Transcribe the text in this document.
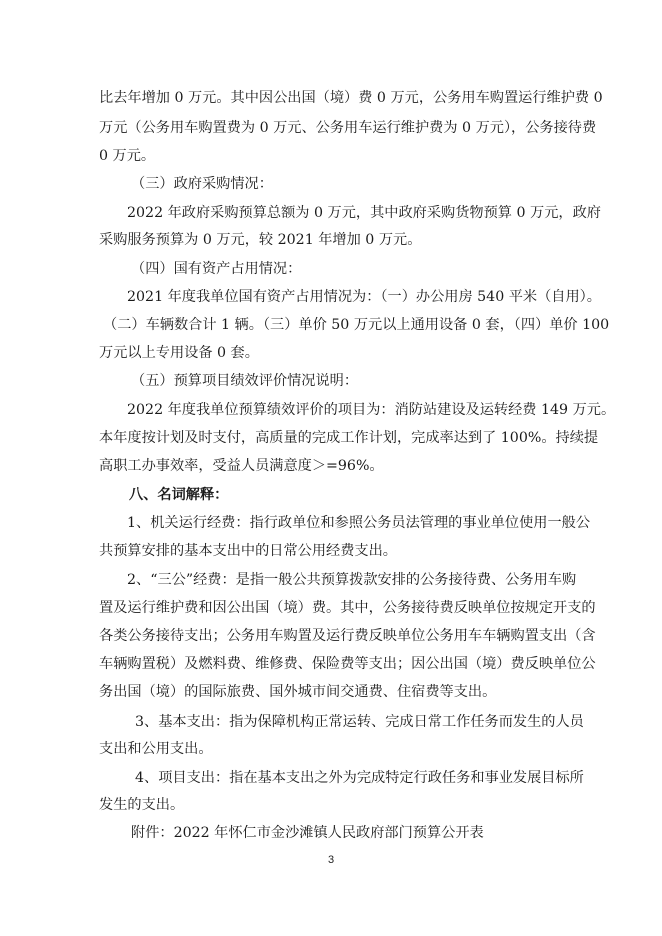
比去年增加 0 万元。其中因公出国（境）费 0 万元，公务用车购置运行维护费 0
万元（公务用车购置费为 0 万元、公务用车运行维护费为 0 万元），公务接待费
0 万元。
（三）政府采购情况：
2022 年政府采购预算总额为 0 万元，其中政府采购货物预算 0 万元，政府
采购服务预算为 0 万元，较 2021 年增加 0 万元。
（四）国有资产占用情况：
2021 年度我单位国有资产占用情况为：（一）办公用房 540 平米（自用）。
（二）车辆数合计 1 辆。（三）单价 50 万元以上通用设备 0 套，（四）单价 100
万元以上专用设备 0 套。
（五）预算项目绩效评价情况说明：
2022 年度我单位预算绩效评价的项目为：消防站建设及运转经费 149 万元。
本年度按计划及时支付，高质量的完成工作计划，完成率达到了 100%。持续提
高职工办事效率，受益人员满意度＞=96%。
八、名词解释：
1、机关运行经费：指行政单位和参照公务员法管理的事业单位使用一般公
共预算安排的基本支出中的日常公用经费支出。
2、“三公”经费：是指一般公共预算拨款安排的公务接待费、公务用车购
置及运行维护费和因公出国（境）费。其中，公务接待费反映单位按规定开支的
各类公务接待支出；公务用车购置及运行费反映单位公务用车车辆购置支出（含
车辆购置税）及燃料费、维修费、保险费等支出；因公出国（境）费反映单位公
务出国（境）的国际旅费、国外城市间交通费、住宿费等支出。
3、基本支出：指为保障机构正常运转、完成日常工作任务而发生的人员
支出和公用支出。
4、项目支出：指在基本支出之外为完成特定行政任务和事业发展目标所
发生的支出。
附件：2022 年怀仁市金沙滩镇人民政府部门预算公开表
3
